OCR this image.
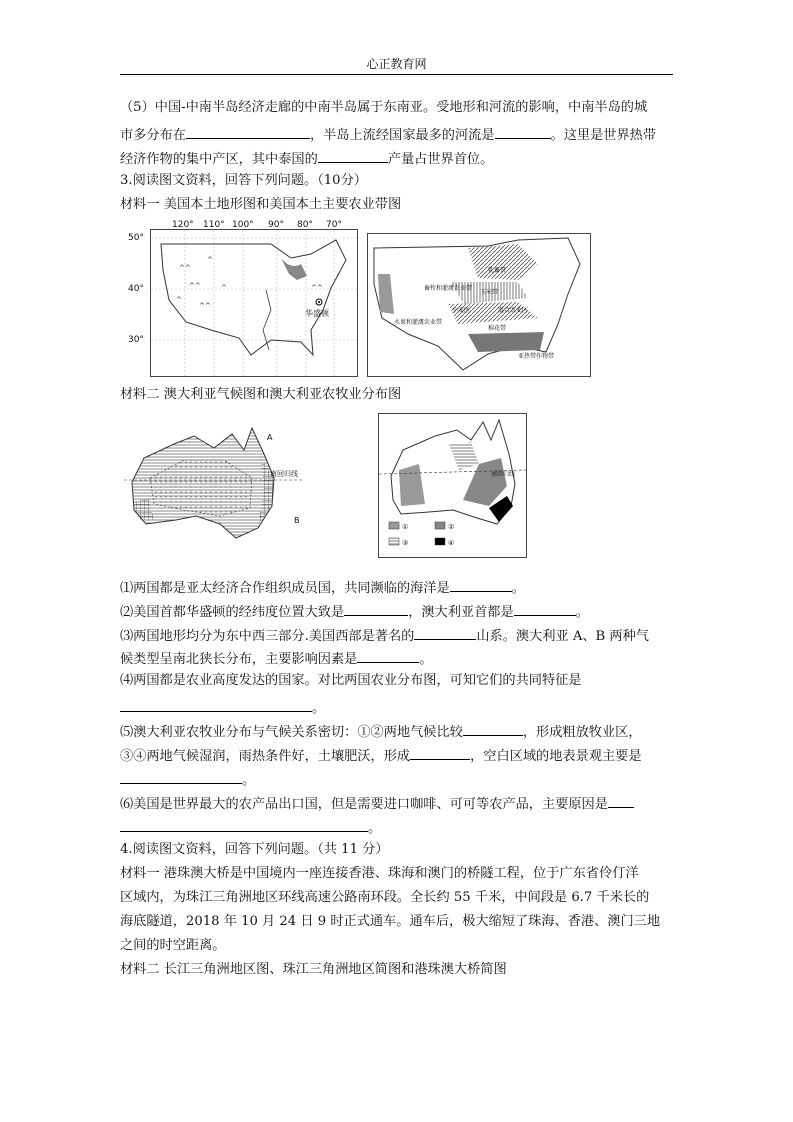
心正教育网
（5）中国-中南半岛经济走廊的中南半岛属于东南亚。受地形和河流的影响，中南半岛的城
市多分布在	，半岛上流经国家最多的河流是	。这里是世界热带
经济作物的集中产区，其中泰国的	产量占世界首位。
3.阅读图文资料，回答下列问题。（10分）
材料一 美国本土地形图和美国本土主要农业带图
^^
^^
^
^^
^
^	^^
华盛顿
50°
40°
30°
120° 110° 100° 90° 80° 70°
乳畜带
畜牧和灌溉农业带
玉米带
小麦区	混合农业区
水果和灌溉农业带
棉花带
亚热带作物带
材料二 澳大利亚气候图和澳大利亚农牧业分布图
A
B
南回归线	南回归线
①	②
③	④
⑴两国都是亚太经济合作组织成员国，共同濒临的海洋是	。
⑵美国首都华盛顿的经纬度位置大致是	，澳大利亚首都是	。
⑶两国地形均分为东中西三部分.美国西部是著名的	山系。澳大利亚 A、B 两种气
候类型呈南北狭长分布，主要影响因素是	。
⑷两国都是农业高度发达的国家。对比两国农业分布图，可知它们的共同特征是
。
⑸澳大利亚农牧业分布与气候关系密切：①②两地气候比较	，形成粗放牧业区，
③④两地气候湿润，雨热条件好，土壤肥沃，形成	，空白区域的地表景观主要是
。
⑹美国是世界最大的农产品出口国，但是需要进口咖啡、可可等农产品，主要原因是
。
4.阅读图文资料，回答下列问题。（共 11 分）
材料一 港珠澳大桥是中国境内一座连接香港、珠海和澳门的桥隧工程，位于广东省伶仃洋
区域内，为珠江三角洲地区环线高速公路南环段。全长约 55 千米，中间段是 6.7 千米长的
海底隧道，2018 年 10 月 24 日 9 时正式通车。通车后，极大缩短了珠海、香港、澳门三地
之间的时空距离。
材料二 长江三角洲地区图、珠江三角洲地区简图和港珠澳大桥简图
